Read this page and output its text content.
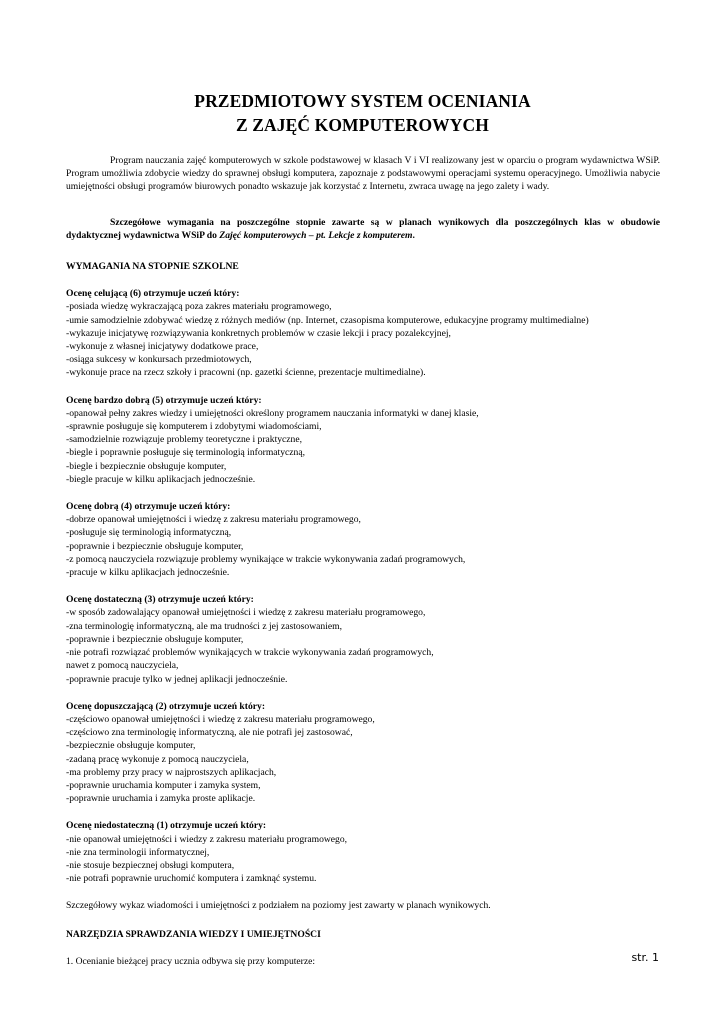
PRZEDMIOTOWY SYSTEM OCENIANIA
Z ZAJĘĆ KOMPUTEROWYCH

Program nauczania zajęć komputerowych w szkole podstawowej w klasach V i VI realizowany jest w oparciu o program wydawnictwa WSiP. Program umożliwia zdobycie wiedzy do sprawnej obsługi komputera, zapoznaje z podstawowymi operacjami systemu operacyjnego. Umożliwia nabycie umiejętności obsługi programów biurowych ponadto wskazuje jak korzystać z Internetu, zwraca uwagę na jego zalety i wady.

Szczegółowe wymagania na poszczególne stopnie zawarte są w planach wynikowych dla poszczególnych klas w obudowie dydaktycznej wydawnictwa WSiP do Zajęć komputerowych – pt. Lekcje z komputerem.

WYMAGANIA NA STOPNIE SZKOLNE
Ocenę celującą (6) otrzymuje uczeń który:
-posiada wiedzę wykraczającą poza zakres materiału programowego,
-umie samodzielnie zdobywać wiedzę z różnych mediów (np. Internet, czasopisma komputerowe, edukacyjne programy multimedialne)
-wykazuje inicjatywę rozwiązywania konkretnych problemów w czasie lekcji i pracy pozalekcyjnej,
-wykonuje z własnej inicjatywy dodatkowe prace,
-osiąga sukcesy w konkursach przedmiotowych,
-wykonuje prace na rzecz szkoły i pracowni (np. gazetki ścienne, prezentacje multimedialne).
Ocenę bardzo dobrą (5) otrzymuje uczeń który:
-opanował pełny zakres wiedzy i umiejętności określony programem nauczania informatyki w danej klasie,
-sprawnie posługuje się komputerem i zdobytymi wiadomościami,
-samodzielnie rozwiązuje problemy teoretyczne i praktyczne,
-biegle i poprawnie posługuje się terminologią informatyczną,
-biegle i bezpiecznie obsługuje komputer,
-biegle pracuje w kilku aplikacjach jednocześnie.
Ocenę dobrą (4) otrzymuje uczeń który:
-dobrze opanował umiejętności i wiedzę z zakresu materiału programowego,
-posługuje się terminologią informatyczną,
-poprawnie i bezpiecznie obsługuje komputer,
-z pomocą nauczyciela rozwiązuje problemy wynikające w trakcie wykonywania zadań programowych,
-pracuje w kilku aplikacjach jednocześnie.
Ocenę dostateczną (3) otrzymuje uczeń który:
-w sposób zadowalający opanował umiejętności i wiedzę z zakresu materiału programowego,
-zna terminologię informatyczną, ale ma trudności z jej zastosowaniem,
-poprawnie i bezpiecznie obsługuje komputer,
-nie potrafi rozwiązać problemów wynikających w trakcie wykonywania zadań programowych,
nawet z pomocą nauczyciela,
-poprawnie pracuje tylko w jednej aplikacji jednocześnie.
Ocenę dopuszczającą (2) otrzymuje uczeń który:
-częściowo opanował umiejętności i wiedzę z zakresu materiału programowego,
-częściowo zna terminologię informatyczną, ale nie potrafi jej zastosować,
-bezpiecznie obsługuje komputer,
-zadaną pracę wykonuje z pomocą nauczyciela,
-ma problemy przy pracy w najprostszych aplikacjach,
-poprawnie uruchamia komputer i zamyka system,
-poprawnie uruchamia i zamyka proste aplikacje.
Ocenę niedostateczną (1) otrzymuje uczeń który:
-nie opanował umiejętności i wiedzy z zakresu materiału programowego,
-nie zna terminologii informatycznej,
-nie stosuje bezpiecznej obsługi komputera,
-nie potrafi poprawnie uruchomić komputera i zamknąć systemu.
Szczegółowy wykaz wiadomości i umiejętności z podziałem na poziomy jest zawarty w planach wynikowych.
NARZĘDZIA SPRAWDZANIA WIEDZY I UMIEJĘTNOŚCI
1. Ocenianie bieżącej pracy ucznia odbywa się przy komputerze:	str. 1
